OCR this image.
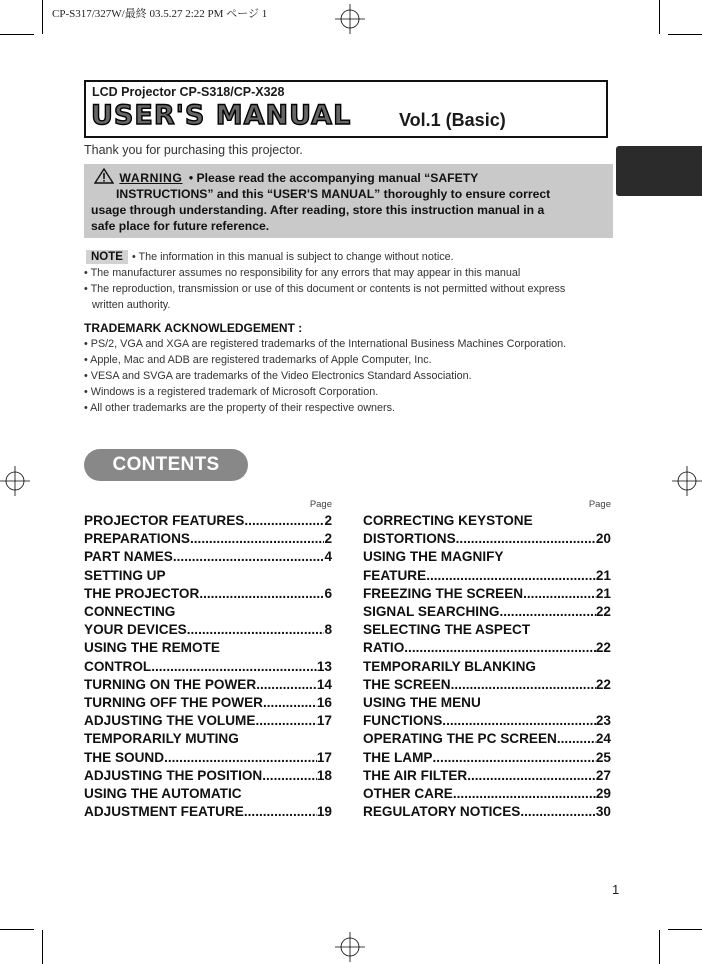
CP-S317/327W/最終 03.5.27 2:22 PM ページ 1
LCD Projector CP-S318/CP-X328
USER'S MANUAL	Vol.1 (Basic)
Thank you for purchasing this projector.
WARNING • Please read the accompanying manual “SAFETY
INSTRUCTIONS” and this “USER'S MANUAL” thoroughly to ensure correct
usage through understanding. After reading, store this instruction manual in a
safe place for future reference.
NOTE • The information in this manual is subject to change without notice.
• The manufacturer assumes no responsibility for any errors that may appear in this manual
• The reproduction, transmission or use of this document or contents is not permitted without express
written authority.
TRADEMARK ACKNOWLEDGEMENT :
• PS/2, VGA and XGA are registered trademarks of the International Business Machines Corporation.
• Apple, Mac and ADB are registered trademarks of Apple Computer, Inc.
• VESA and SVGA are trademarks of the Video Electronics Standard Association.
• Windows is a registered trademark of Microsoft Corporation.
• All other trademarks are the property of their respective owners.
CONTENTS
Page
PROJECTOR FEATURES .....	2
PREPARATIONS .....	2
PART NAMES .....	4
SETTING UP
THE PROJECTOR .....	6
CONNECTING
YOUR DEVICES .....	8
USING THE REMOTE
CONTROL .....	13
TURNING ON THE POWER .....	14
TURNING OFF THE POWER .....	16
ADJUSTING THE VOLUME .....	17
TEMPORARILY MUTING
THE SOUND .....	17
ADJUSTING THE POSITION .....	18
USING THE AUTOMATIC
ADJUSTMENT FEATURE .....	19
Page
CORRECTING KEYSTONE
DISTORTIONS .....	20
USING THE MAGNIFY
FEATURE .....	21
FREEZING THE SCREEN .....	21
SIGNAL SEARCHING .....	22
SELECTING THE ASPECT
RATIO .....	22
TEMPORARILY BLANKING
THE SCREEN .....	22
USING THE MENU
FUNCTIONS .....	23
OPERATING THE PC SCREEN .....	24
THE LAMP .....	25
THE AIR FILTER .....	27
OTHER CARE .....	29
REGULATORY NOTICES .....	30
1
